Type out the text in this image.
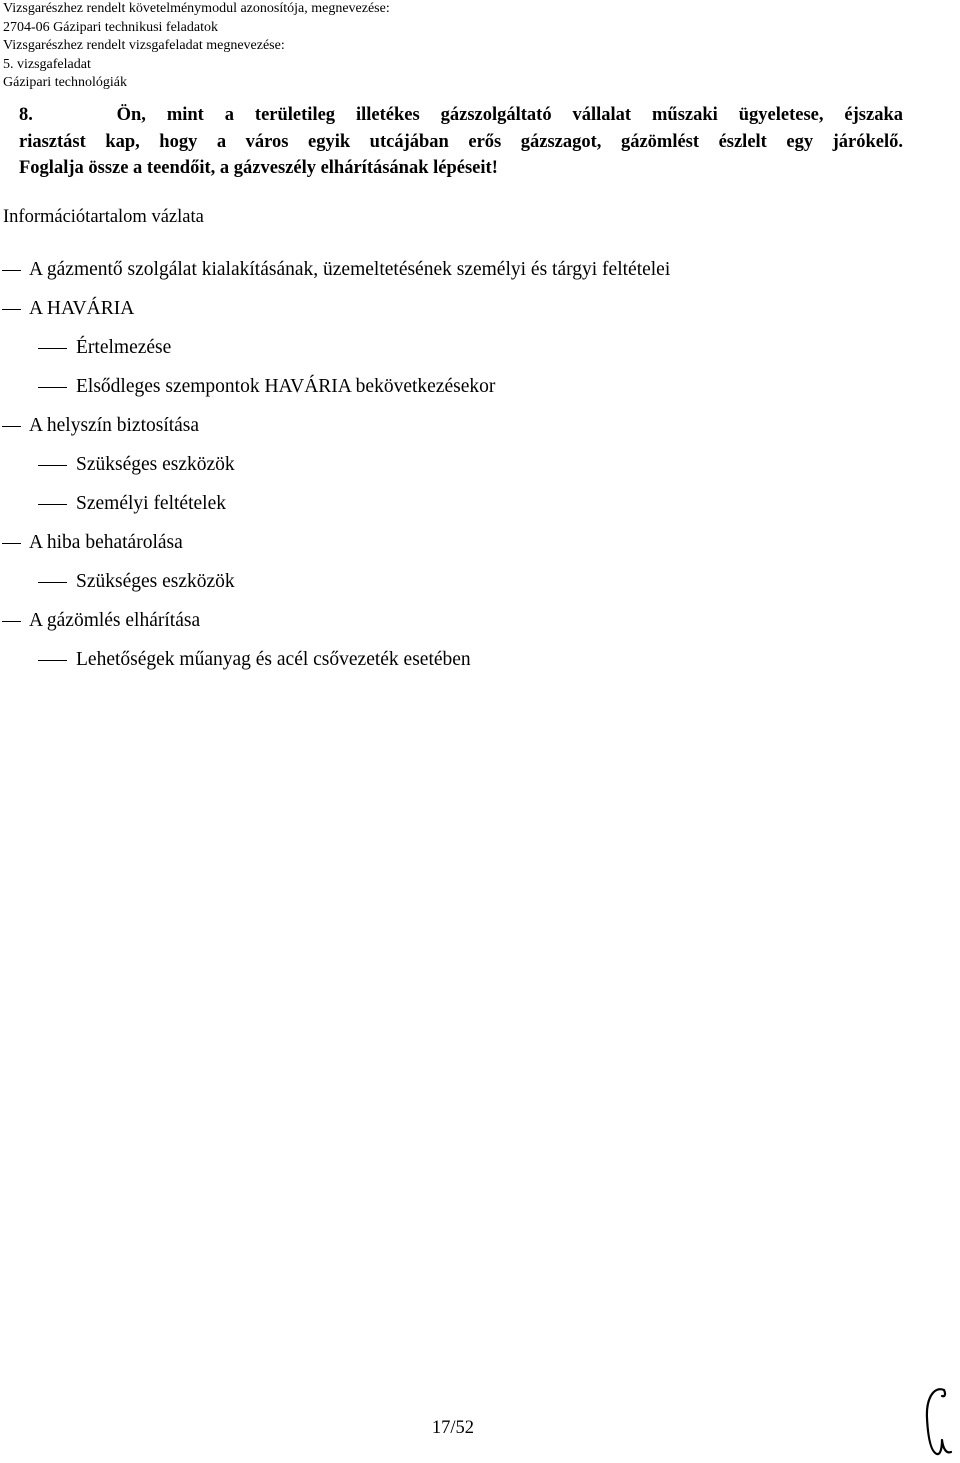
Vizsgarészhez rendelt követelménymodul azonosítója, megnevezése:
2704-06 Gázipari technikusi feladatok
Vizsgarészhez rendelt vizsgafeladat megnevezése:
5. vizsgafeladat
Gázipari technológiák
8.    Ön, mint a területileg illetékes gázszolgáltató vállalat műszaki ügyeletese, éjszaka
riasztást kap, hogy a város egyik utcájában erős gázszagot, gázömlést észlelt egy járókelő.
Foglalja össze a teendőit, a gázveszély elhárításának lépéseit!
Információtartalom vázlata
A gázmentő szolgálat kialakításának, üzemeltetésének személyi és tárgyi feltételei
A HAVÁRIA
Értelmezése
Elsődleges szempontok HAVÁRIA bekövetkezésekor
A helyszín biztosítása
Szükséges eszközök
Személyi feltételek
A hiba behatárolása
Szükséges eszközök
A gázömlés elhárítása
Lehetőségek műanyag és acél csővezeték esetében
17/52
